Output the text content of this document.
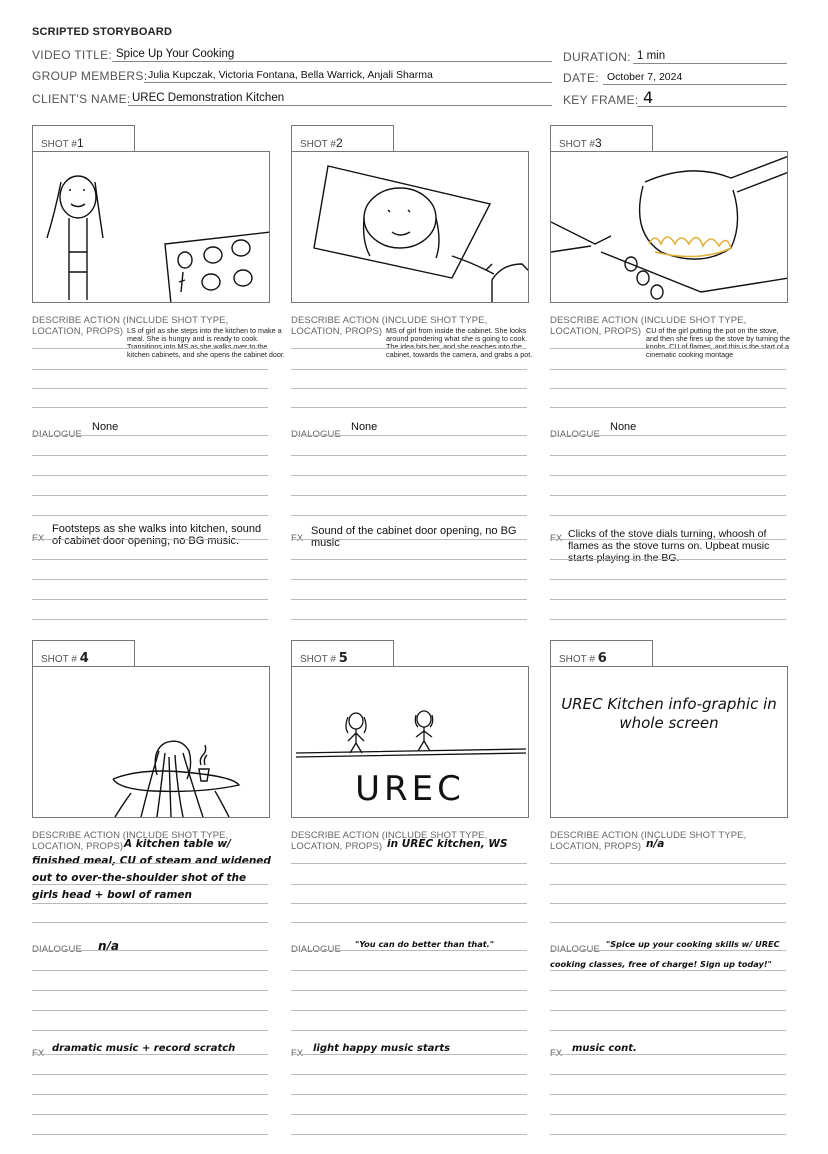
SCRIPTED STORYBOARD
VIDEO TITLE: Spice Up Your Cooking
GROUP MEMBERS: Julia Kupczak, Victoria Fontana, Bella Warrick, Anjali Sharma
CLIENT'S NAME: UREC Demonstration Kitchen
DURATION: 1 min
DATE: October 7, 2024
KEY FRAME: 4
SHOT #1
DESCRIBE ACTION (INCLUDE SHOT TYPE,
LOCATION, PROPS) LS of girl as she steps into the kitchen to make a meal. She is hungry and is ready to cook. Transitions into MS as she walks over to the kitchen cabinets, and she opens the cabinet door.
DIALOGUE
None
FX
Footsteps as she walks into kitchen, sound of cabinet door opening, no BG music.
SHOT #2
DESCRIBE ACTION (INCLUDE SHOT TYPE,
LOCATION, PROPS) MS of girl from inside the cabinet. She looks around pondering what she is going to cook. The idea hits her, and she reaches into the cabinet, towards the camera, and grabs a pot.
DIALOGUE
None
FX
Sound of the cabinet door opening, no BG music
SHOT #3
DESCRIBE ACTION (INCLUDE SHOT TYPE,
LOCATION, PROPS) CU of the girl putting the pot on the stove, and then she fires up the stove by turning the knobs. CU of flames, and this is the start of a cinematic cooking montage
DIALOGUE
None
FX Clicks of the stove dials turning, whoosh of flames as the stove turns on. Upbeat music starts playing in the BG.
SHOT # 4
DESCRIBE ACTION (INCLUDE SHOT TYPE,
LOCATION, PROPS) A kitchen table w/ finished meal, CU of steam and widened out to over-the-shoulder shot of the girls head + bowl of ramen
DIALOGUE n/a
FX dramatic music + record scratch
SHOT # 5
UREC
DESCRIBE ACTION (INCLUDE SHOT TYPE,
LOCATION, PROPS) in UREC kitchen, WS
DIALOGUE "You can do better than that."
FX light happy music starts
SHOT # 6
UREC Kitchen info-graphic in whole screen
DESCRIBE ACTION (INCLUDE SHOT TYPE,
LOCATION, PROPS) n/a
DIALOGUE "Spice up your cooking skills w/ UREC cooking classes, free of charge! Sign up today!"
FX music cont.
